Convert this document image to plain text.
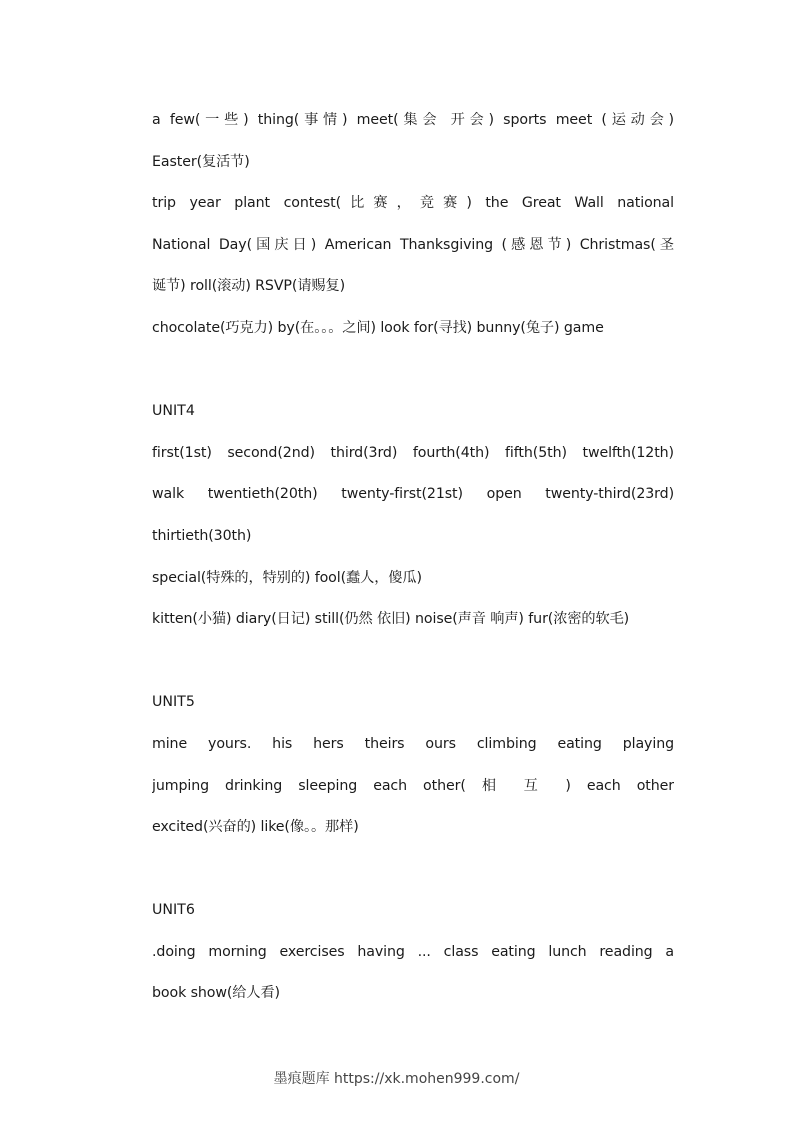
a few(一些) thing(事情) meet(集会 开会) sports meet (运动会)
Easter(复活节)
trip year plant contest(比赛，竞赛) the Great Wall national
National Day(国庆日) American Thanksgiving (感恩节) Christmas(圣
诞节) roll(滚动) RSVP(请赐复)
chocolate(巧克力) by(在。。。之间) look for(寻找) bunny(兔子) game
UNIT4
first(1st) second(2nd) third(3rd) fourth(4th) fifth(5th) twelfth(12th)
walk twentieth(20th) twenty-first(21st) open twenty-third(23rd)
thirtieth(30th)
special(特殊的，特别的) fool(蠢人，傻瓜)
kitten(小猫) diary(日记) still(仍然 依旧) noise(声音 响声) fur(浓密的软毛)
UNIT5
mine yours. his hers theirs ours climbing eating playing
jumping drinking sleeping each other( 相 互 ) each other
excited(兴奋的) like(像。。那样)
UNIT6
.doing morning exercises having ... class eating lunch reading a
book show(给人看)
墨痕题库 https://xk.mohen999.com/
